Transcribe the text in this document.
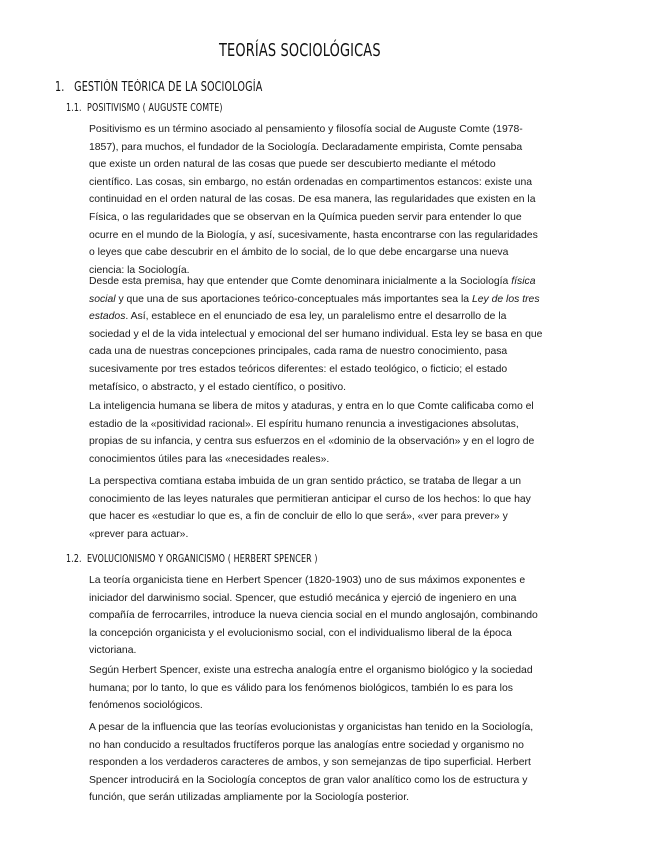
TEORÍAS SOCIOLÓGICAS
1. GESTIÓN TEÓRICA DE LA SOCIOLOGÍA
1.1. POSITIVISMO ( AUGUSTE COMTE)
Positivismo es un término asociado al pensamiento y filosofía social de Auguste Comte (1978-
1857), para muchos, el fundador de la Sociología. Declaradamente empirista, Comte pensaba
que existe un orden natural de las cosas que puede ser descubierto mediante el método
científico. Las cosas, sin embargo, no están ordenadas en compartimentos estancos: existe una
continuidad en el orden natural de las cosas. De esa manera, las regularidades que existen en la
Física, o las regularidades que se observan en la Química pueden servir para entender lo que
ocurre en el mundo de la Biología, y así, sucesivamente, hasta encontrarse con las regularidades
o leyes que cabe descubrir en el ámbito de lo social, de lo que debe encargarse una nueva
ciencia: la Sociología.
Desde esta premisa, hay que entender que Comte denominara inicialmente a la Sociología física
social y que una de sus aportaciones teórico-conceptuales más importantes sea la Ley de los tres
estados. Así, establece en el enunciado de esa ley, un paralelismo entre el desarrollo de la
sociedad y el de la vida intelectual y emocional del ser humano individual. Esta ley se basa en que
cada una de nuestras concepciones principales, cada rama de nuestro conocimiento, pasa
sucesivamente por tres estados teóricos diferentes: el estado teológico, o ficticio; el estado
metafísico, o abstracto, y el estado científico, o positivo.
La inteligencia humana se libera de mitos y ataduras, y entra en lo que Comte calificaba como el
estadio de la «positividad racional». El espíritu humano renuncia a investigaciones absolutas,
propias de su infancia, y centra sus esfuerzos en el «dominio de la observación» y en el logro de
conocimientos útiles para las «necesidades reales».
La perspectiva comtiana estaba imbuida de un gran sentido práctico, se trataba de llegar a un
conocimiento de las leyes naturales que permitieran anticipar el curso de los hechos: lo que hay
que hacer es «estudiar lo que es, a fin de concluir de ello lo que será», «ver para prever» y
«prever para actuar».
1.2. EVOLUCIONISMO Y ORGANICISMO ( HERBERT SPENCER )
La teoría organicista tiene en Herbert Spencer (1820-1903) uno de sus máximos exponentes e
iniciador del darwinismo social. Spencer, que estudió mecánica y ejerció de ingeniero en una
compañía de ferrocarriles, introduce la nueva ciencia social en el mundo anglosajón, combinando
la concepción organicista y el evolucionismo social, con el individualismo liberal de la época
victoriana.
Según Herbert Spencer, existe una estrecha analogía entre el organismo biológico y la sociedad
humana; por lo tanto, lo que es válido para los fenómenos biológicos, también lo es para los
fenómenos sociológicos.
A pesar de la influencia que las teorías evolucionistas y organicistas han tenido en la Sociología,
no han conducido a resultados fructíferos porque las analogías entre sociedad y organismo no
responden a los verdaderos caracteres de ambos, y son semejanzas de tipo superficial. Herbert
Spencer introducirá en la Sociología conceptos de gran valor analítico como los de estructura y
función, que serán utilizadas ampliamente por la Sociología posterior.
